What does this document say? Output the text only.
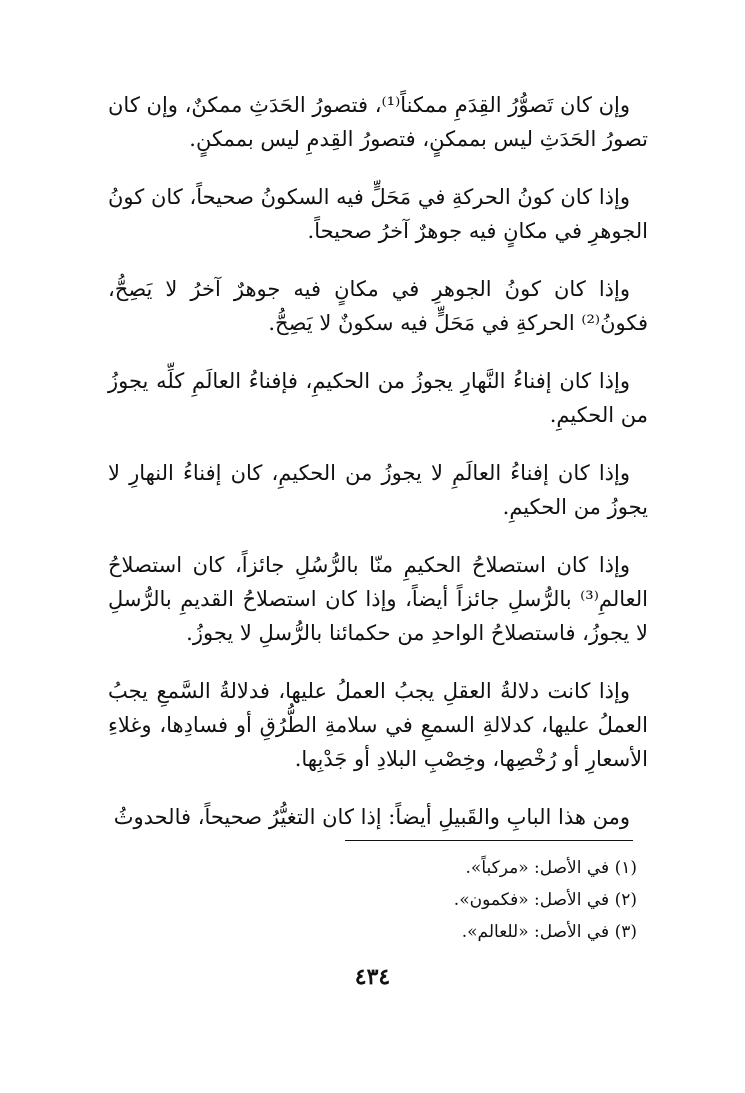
وإن كان تَصوُّرُ القِدَمِ ممكناً⁽¹⁾، فتصورُ الحَدَثِ ممكنٌ، وإن كان تصورُ الحَدَثِ ليس بممكنٍ، فتصورُ القِدمِ ليس بممكنٍ.

وإذا كان كونُ الحركةِ في مَحَلٍّ فيه السكونُ صحيحاً، كان كونُ الجوهرِ في مكانٍ فيه جوهرٌ آخرُ صحيحاً.

وإذا كان كونُ الجوهرِ في مكانٍ فيه جوهرٌ آخرُ لا يَصِحُّ، فكونُ⁽²⁾ الحركةِ في مَحَلٍّ فيه سكونٌ لا يَصِحُّ.

وإذا كان إفناءُ النَّهارِ يجوزُ من الحكيمِ، فإفناءُ العالَمِ كلِّه يجوزُ من الحكيمِ.

وإذا كان إفناءُ العالَمِ لا يجوزُ من الحكيمِ، كان إفناءُ النهارِ لا يجوزُ من الحكيمِ.

وإذا كان استصلاحُ الحكيمِ منّا بالرُّسُلِ جائزاً، كان استصلاحُ العالمِ⁽³⁾ بالرُّسلِ جائزاً أيضاً، وإذا كان استصلاحُ القديمِ بالرُّسلِ لا يجوزُ، فاستصلاحُ الواحدِ من حكمائنا بالرُّسلِ لا يجوزُ.

وإذا كانت دلالةُ العقلِ يجبُ العملُ عليها، فدلالةُ السَّمعِ يجبُ العملُ عليها، كدلالةِ السمعِ في سلامةِ الطُّرُقِ أو فسادِها، وغلاءِ الأسعارِ أو رُخْصِها، وخِصْبِ البلادِ أو جَدْبِها.

ومن هذا البابِ والقَبيلِ أيضاً: إذا كان التغيُّرُ صحيحاً، فالحدوثُ

(١) في الأصل: «مركباً».
(٢) في الأصل: «فكمون».
(٣) في الأصل: «للعالم».
٤٣٤
